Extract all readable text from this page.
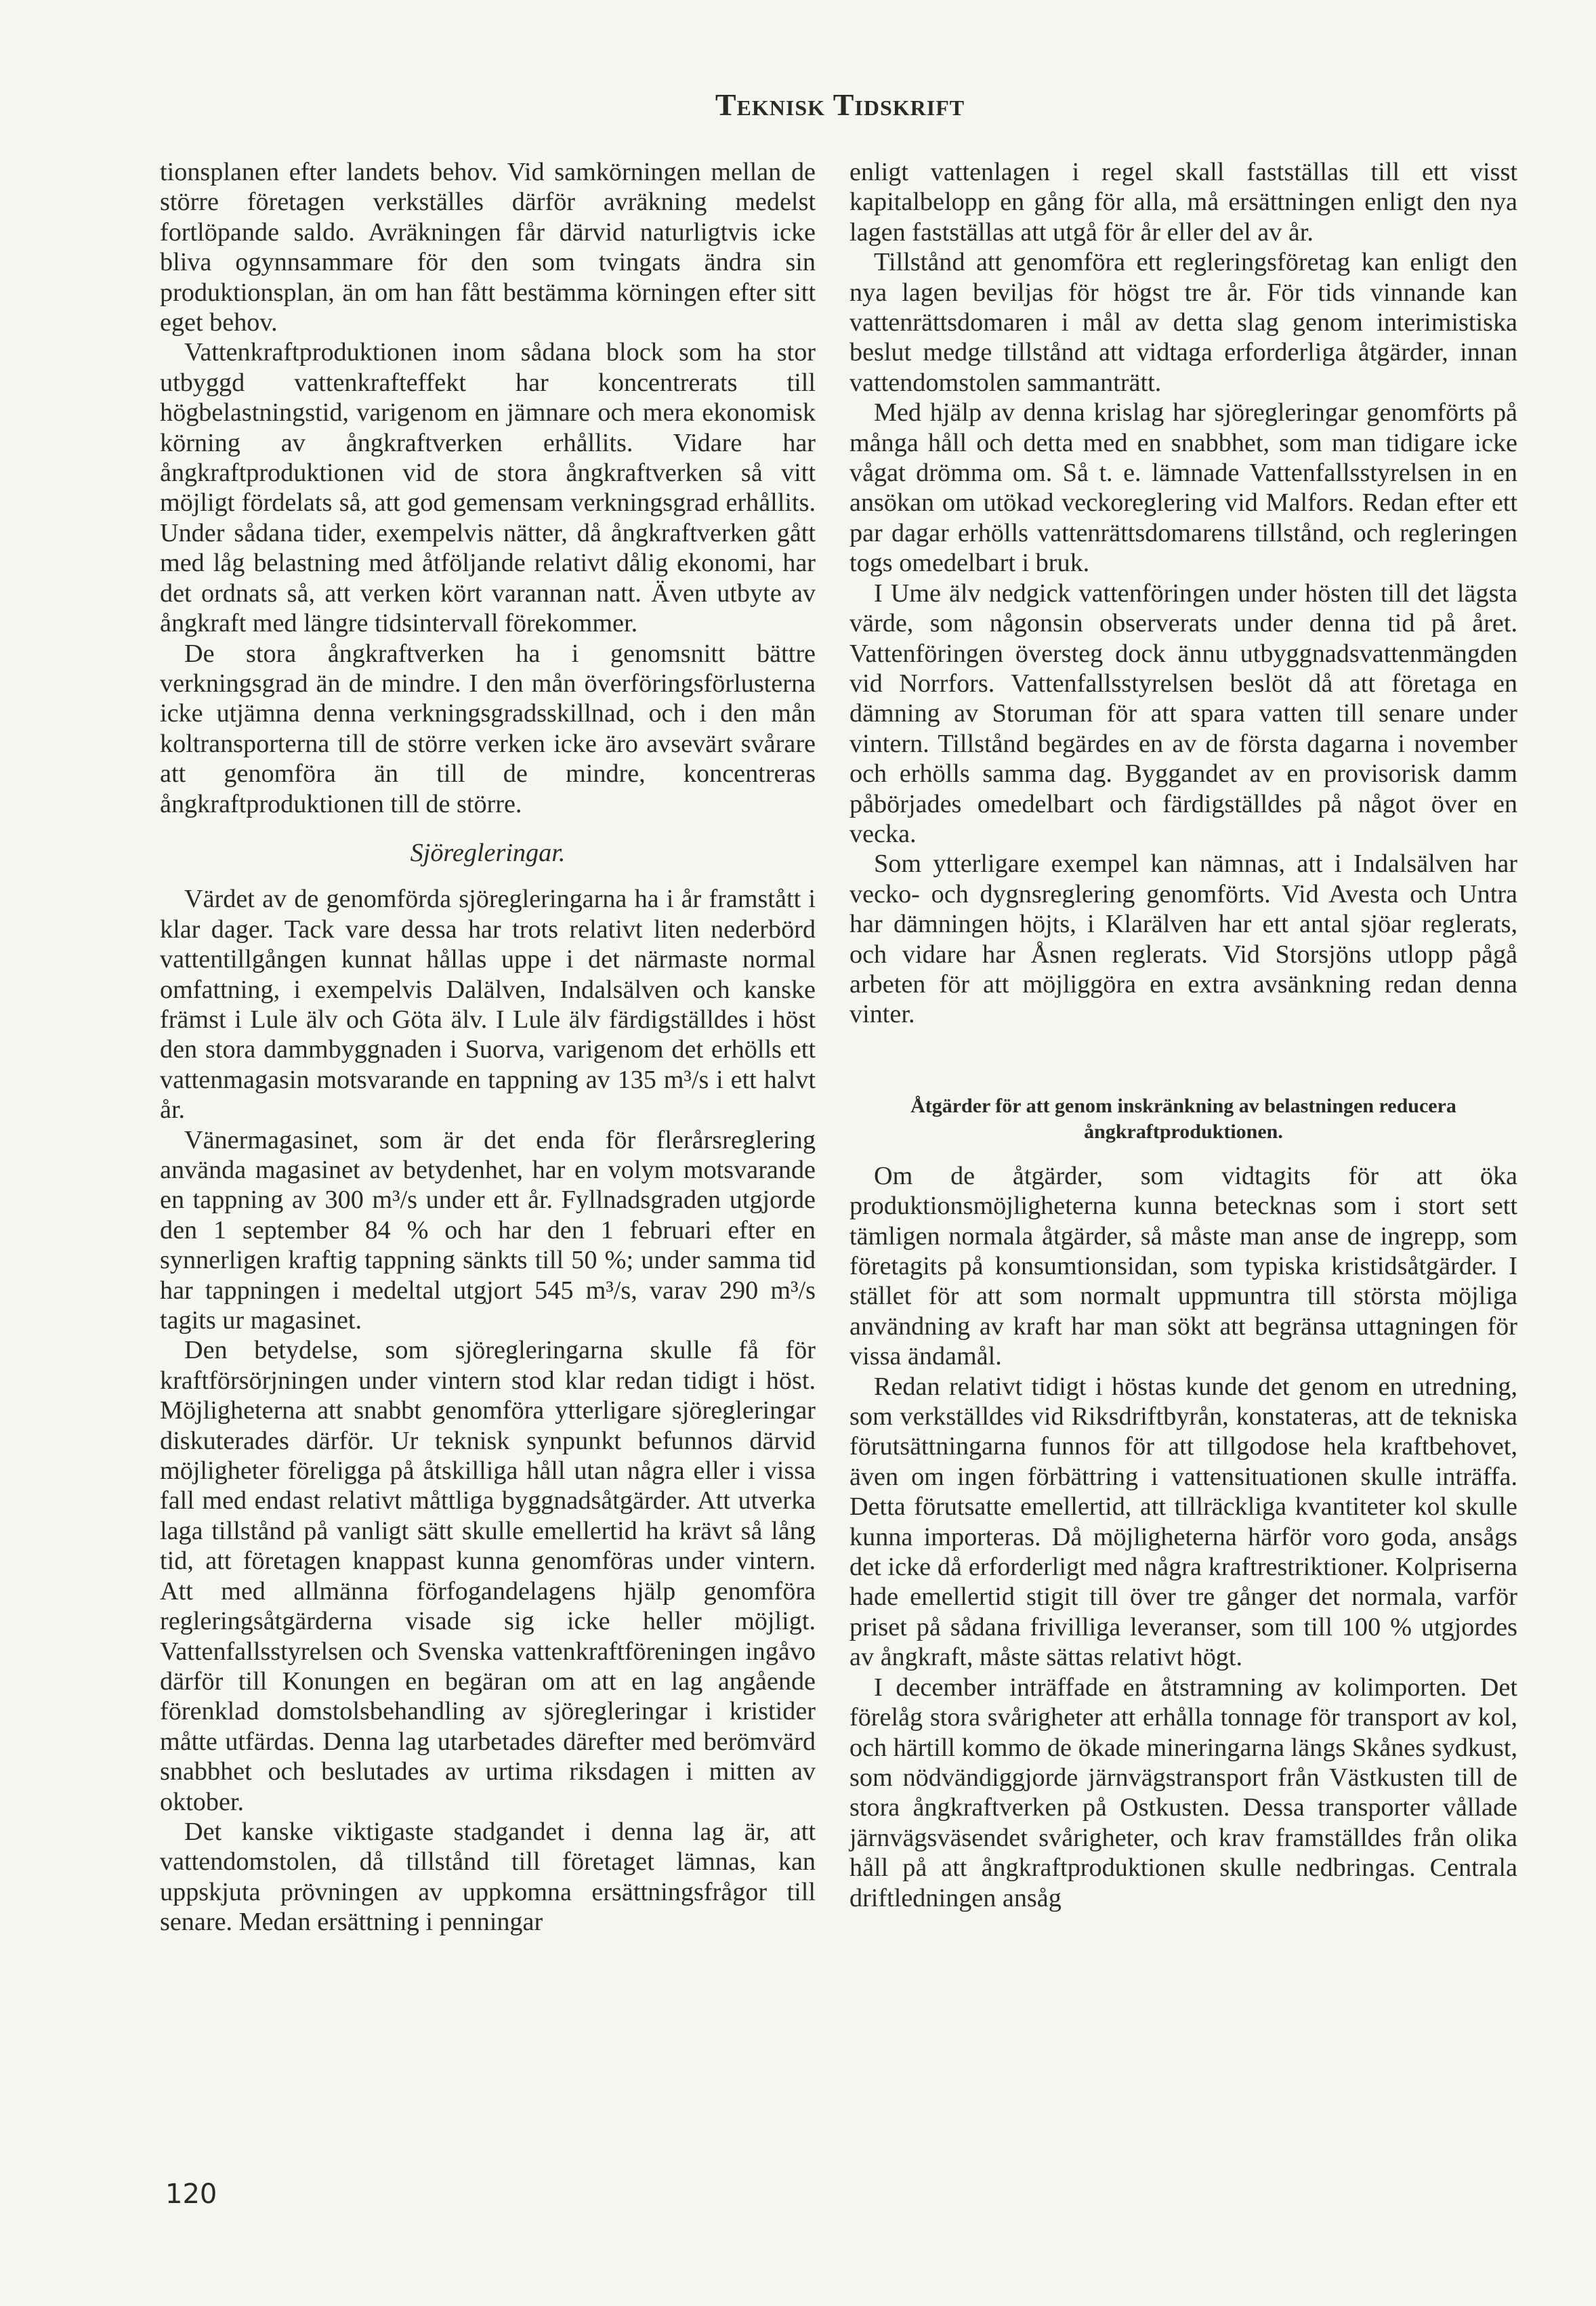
Teknisk Tidskrift

tionsplanen efter landets behov. Vid samkörningen mellan de större företagen verkställes därför avräkning medelst fortlöpande saldo. Avräkningen får därvid naturligtvis icke bliva ogynnsammare för den som tvingats ändra sin produktionsplan, än om han fått bestämma körningen efter sitt eget behov.

Vattenkraftproduktionen inom sådana block som ha stor utbyggd vattenkrafteffekt har koncentrerats till högbelastningstid, varigenom en jämnare och mera ekonomisk körning av ångkraftverken erhållits. Vidare har ångkraftproduktionen vid de stora ångkraftverken så vitt möjligt fördelats så, att god gemensam verkningsgrad erhållits. Under sådana tider, exempelvis nätter, då ångkraftverken gått med låg belastning med åtföljande relativt dålig ekonomi, har det ordnats så, att verken kört varannan natt. Även utbyte av ångkraft med längre tidsintervall förekommer.

De stora ångkraftverken ha i genomsnitt bättre verkningsgrad än de mindre. I den mån överföringsförlusterna icke utjämna denna verkningsgradsskillnad, och i den mån koltransporterna till de större verken icke äro avsevärt svårare att genomföra än till de mindre, koncentreras ångkraftproduktionen till de större.

Sjöregleringar.

Värdet av de genomförda sjöregleringarna ha i år framstått i klar dager. Tack vare dessa har trots relativt liten nederbörd vattentillgången kunnat hållas uppe i det närmaste normal omfattning, i exempelvis Dalälven, Indalsälven och kanske främst i Lule älv och Göta älv. I Lule älv färdigställdes i höst den stora dammbyggnaden i Suorva, varigenom det erhölls ett vattenmagasin motsvarande en tappning av 135 m³/s i ett halvt år.

Vänermagasinet, som är det enda för flerårsreglering använda magasinet av betydenhet, har en volym motsvarande en tappning av 300 m³/s under ett år. Fyllnadsgraden utgjorde den 1 september 84 % och har den 1 februari efter en synnerligen kraftig tappning sänkts till 50 %; under samma tid har tappningen i medeltal utgjort 545 m³/s, varav 290 m³/s tagits ur magasinet.

Den betydelse, som sjöregleringarna skulle få för kraftförsörjningen under vintern stod klar redan tidigt i höst. Möjligheterna att snabbt genomföra ytterligare sjöregleringar diskuterades därför. Ur teknisk synpunkt befunnos därvid möjligheter föreligga på åtskilliga håll utan några eller i vissa fall med endast relativt måttliga byggnadsåtgärder. Att utverka laga tillstånd på vanligt sätt skulle emellertid ha krävt så lång tid, att företagen knappast kunna genomföras under vintern. Att med allmänna förfogandelagens hjälp genomföra regleringsåtgärderna visade sig icke heller möjligt. Vattenfallsstyrelsen och Svenska vattenkraftföreningen ingåvo därför till Konungen en begäran om att en lag angående förenklad domstolsbehandling av sjöregleringar i kristider måtte utfärdas. Denna lag utarbetades därefter med berömvärd snabbhet och beslutades av urtima riksdagen i mitten av oktober.

Det kanske viktigaste stadgandet i denna lag är, att vattendomstolen, då tillstånd till företaget lämnas, kan uppskjuta prövningen av uppkomna ersättningsfrågor till senare. Medan ersättning i penningar

enligt vattenlagen i regel skall fastställas till ett visst kapitalbelopp en gång för alla, må ersättningen enligt den nya lagen fastställas att utgå för år eller del av år.

Tillstånd att genomföra ett regleringsföretag kan enligt den nya lagen beviljas för högst tre år. För tids vinnande kan vattenrättsdomaren i mål av detta slag genom interimistiska beslut medge tillstånd att vidtaga erforderliga åtgärder, innan vattendomstolen sammanträtt.

Med hjälp av denna krislag har sjöregleringar genomförts på många håll och detta med en snabbhet, som man tidigare icke vågat drömma om. Så t. e. lämnade Vattenfallsstyrelsen in en ansökan om utökad veckoreglering vid Malfors. Redan efter ett par dagar erhölls vattenrättsdomarens tillstånd, och regleringen togs omedelbart i bruk.

I Ume älv nedgick vattenföringen under hösten till det lägsta värde, som någonsin observerats under denna tid på året. Vattenföringen översteg dock ännu utbyggnadsvattenmängden vid Norrfors. Vattenfallsstyrelsen beslöt då att företaga en dämning av Storuman för att spara vatten till senare under vintern. Tillstånd begärdes en av de första dagarna i november och erhölls samma dag. Byggandet av en provisorisk damm påbörjades omedelbart och färdigställdes på något över en vecka.

Som ytterligare exempel kan nämnas, att i Indalsälven har vecko- och dygnsreglering genomförts. Vid Avesta och Untra har dämningen höjts, i Klarälven har ett antal sjöar reglerats, och vidare har Åsnen reglerats. Vid Storsjöns utlopp pågå arbeten för att möjliggöra en extra avsänkning redan denna vinter.

Åtgärder för att genom inskränkning av belastningen reducera ångkraftproduktionen.

Om de åtgärder, som vidtagits för att öka produktionsmöjligheterna kunna betecknas som i stort sett tämligen normala åtgärder, så måste man anse de ingrepp, som företagits på konsumtionsidan, som typiska kristidsåtgärder. I stället för att som normalt uppmuntra till största möjliga användning av kraft har man sökt att begränsa uttagningen för vissa ändamål.

Redan relativt tidigt i höstas kunde det genom en utredning, som verkställdes vid Riksdriftbyrån, konstateras, att de tekniska förutsättningarna funnos för att tillgodose hela kraftbehovet, även om ingen förbättring i vattensituationen skulle inträffa. Detta förutsatte emellertid, att tillräckliga kvantiteter kol skulle kunna importeras. Då möjligheterna härför voro goda, ansågs det icke då erforderligt med några kraftrestriktioner. Kolpriserna hade emellertid stigit till över tre gånger det normala, varför priset på sådana frivilliga leveranser, som till 100 % utgjordes av ångkraft, måste sättas relativt högt.

I december inträffade en åtstramning av kolimporten. Det förelåg stora svårigheter att erhålla tonnage för transport av kol, och härtill kommo de ökade mineringarna längs Skånes sydkust, som nödvändiggjorde järnvägstransport från Västkusten till de stora ångkraftverken på Ostkusten. Dessa transporter vållade järnvägsväsendet svårigheter, och krav framställdes från olika håll på att ångkraftproduktionen skulle nedbringas. Centrala driftledningen ansåg

120
